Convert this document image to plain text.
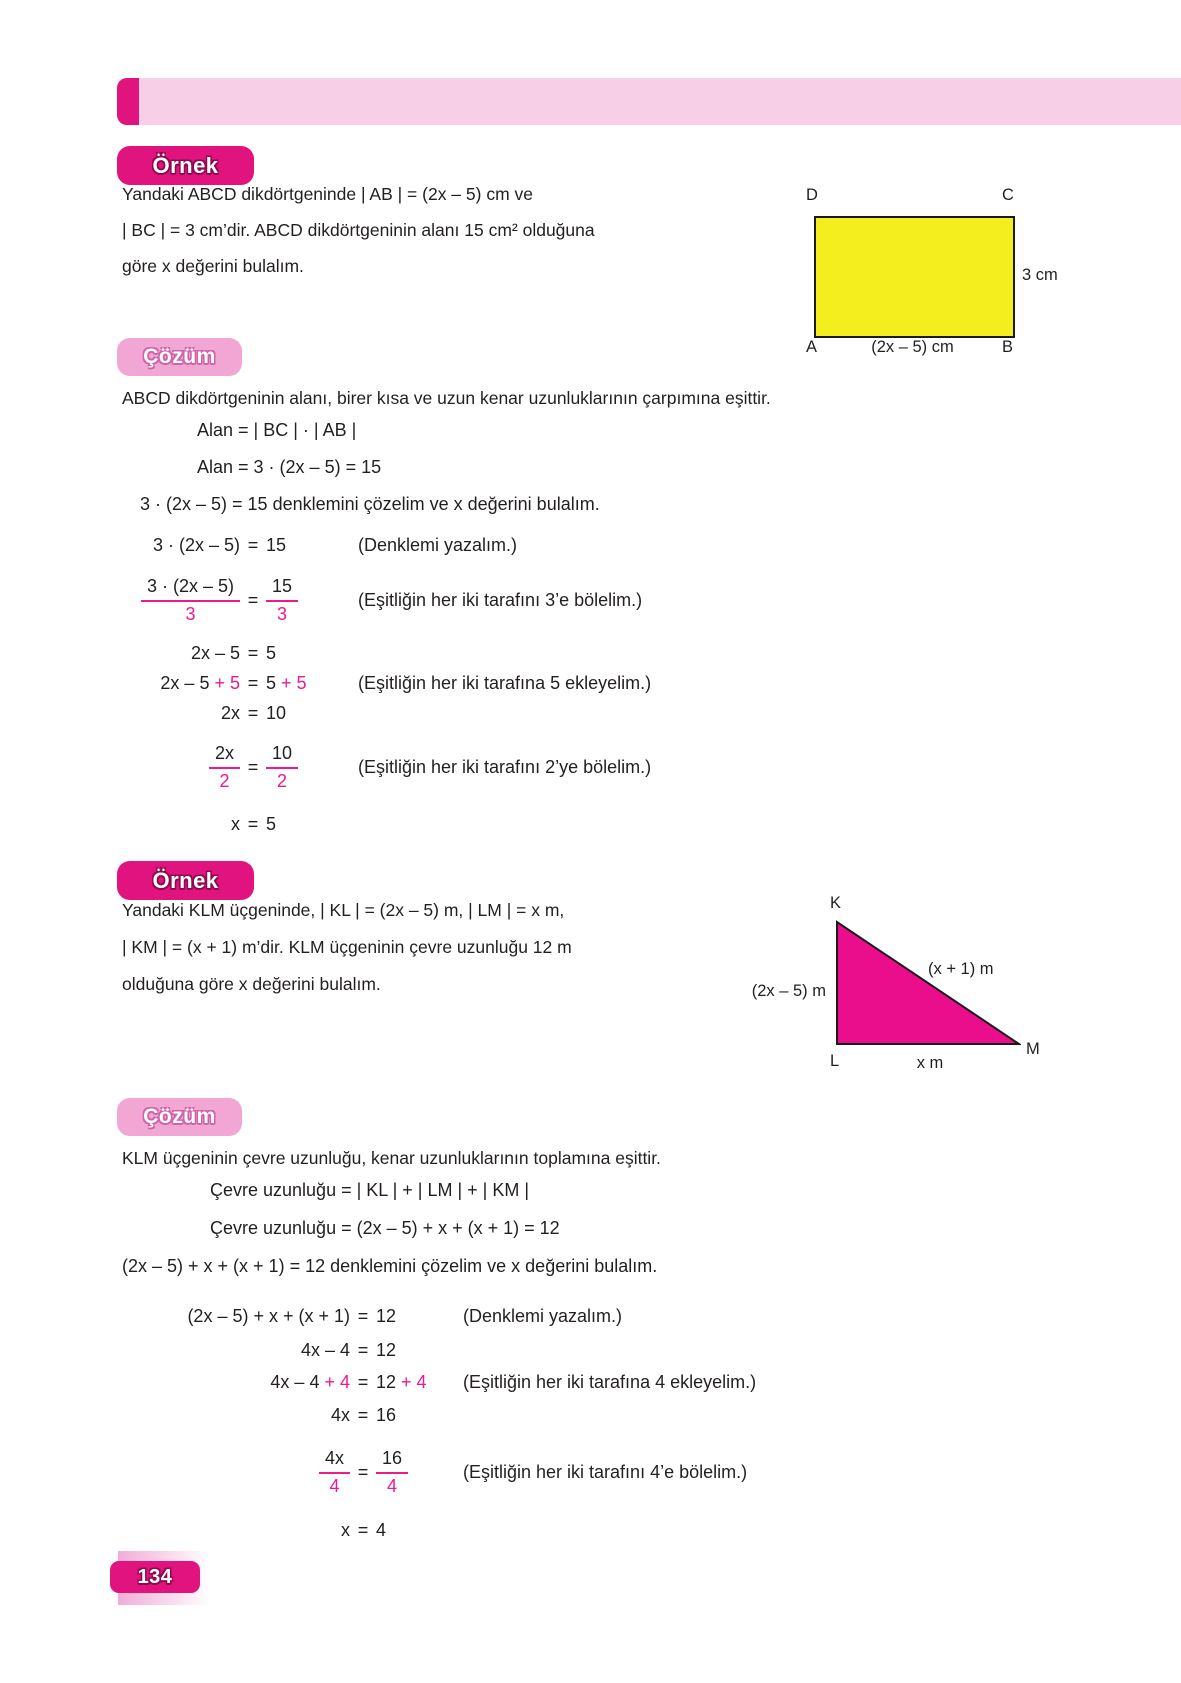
Örnek
Yandaki ABCD dikdörtgeninde | AB | = (2x – 5) cm ve
| BC | = 3 cm’dir. ABCD dikdörtgeninin alanı 15 cm² olduğuna
göre x değerini bulalım.
D	C
3 cm
A	B
(2x – 5) cm
Çözüm
ABCD dikdörtgeninin alanı, birer kısa ve uzun kenar uzunluklarının çarpımına eşittir.
Alan = | BC | · | AB |
Alan = 3 · (2x – 5) = 15
3 · (2x – 5) = 15 denklemini çözelim ve x değerini bulalım.
3 · (2x – 5) = 15	(Denklemi yazalım.)
$\frac{3 \cdot (2x - 5)}{3} = \frac{15}{3}$	(Eşitliğin her iki tarafını 3’e bölelim.)
2x – 5 = 5
2x – 5 + 5 = 5 + 5	(Eşitliğin her iki tarafına 5 ekleyelim.)
2x = 10
$\frac{2x}{2} = \frac{10}{2}$	(Eşitliğin her iki tarafını 2’ye bölelim.)
x = 5
Örnek
Yandaki KLM üçgeninde, | KL | = (2x – 5) m, | LM | = x m,
| KM | = (x + 1) m’dir. KLM üçgeninin çevre uzunluğu 12 m
olduğuna göre x değerini bulalım.
K
(2x – 5) m
(x + 1) m
L	x m
M
Çözüm
KLM üçgeninin çevre uzunluğu, kenar uzunluklarının toplamına eşittir.
Çevre uzunluğu = | KL | + | LM | + | KM |
Çevre uzunluğu = (2x – 5) + x + (x + 1) = 12
(2x – 5) + x + (x + 1) = 12 denklemini çözelim ve x değerini bulalım.
(2x – 5) + x + (x + 1) = 12	(Denklemi yazalım.)
4x – 4 = 12
4x – 4 + 4 = 12 + 4	(Eşitliğin her iki tarafına 4 ekleyelim.)
4x = 16
$\frac{4x}{4} = \frac{16}{4}$	(Eşitliğin her iki tarafını 4’e bölelim.)
x = 4
134
